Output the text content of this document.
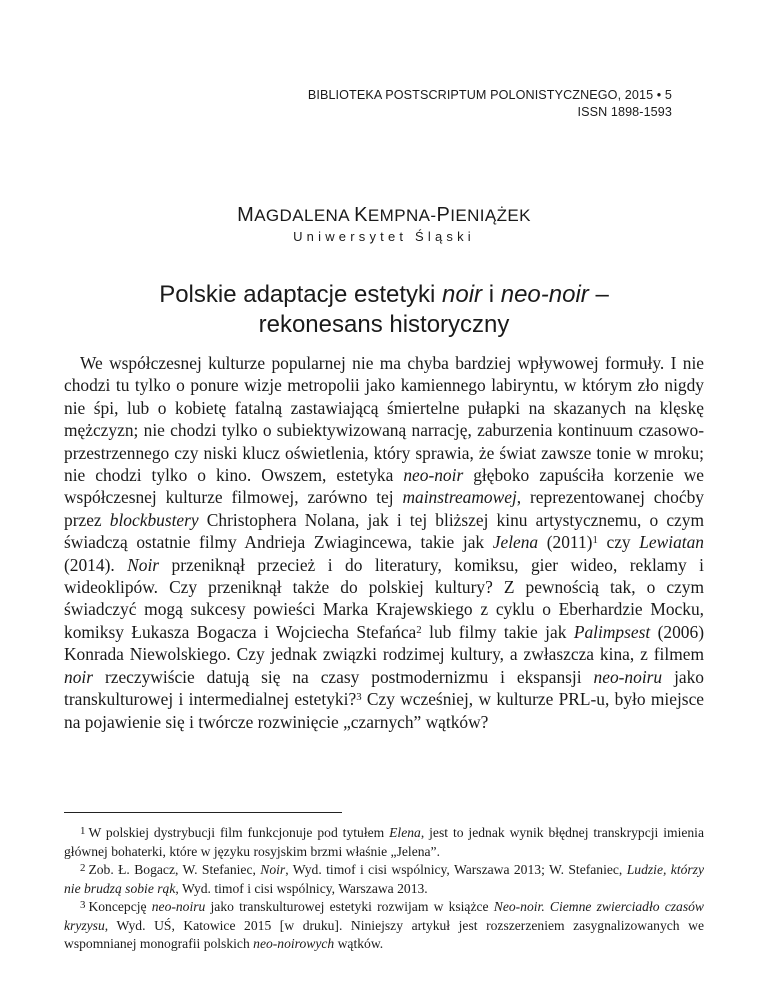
BIBLIOTEKA POSTSCRIPTUM POLONISTYCZNEGO, 2015 • 5
ISSN 1898-1593
MAGDALENA KEMPNA-PIENIĄŻEK
Uniwersytet Śląski
Polskie adaptacje estetyki noir i neo-noir –
rekonesans historyczny

We współczesnej kulturze popularnej nie ma chyba bardziej wpływowej formuły. I nie chodzi tu tylko o ponure wizje metropolii jako kamiennego labiryntu, w którym zło nigdy nie śpi, lub o kobietę fatalną zastawiającą śmiertelne pułapki na skazanych na klęskę mężczyzn; nie chodzi tylko o subiektywizowaną narrację, zaburzenia kontinuum czasowo-przestrzennego czy niski klucz oświetlenia, który sprawia, że świat zawsze tonie w mroku; nie chodzi tylko o kino. Owszem, estetyka neo-noir głęboko zapuściła korzenie we współczesnej kulturze filmowej, zarówno tej mainstreamowej, reprezentowanej choćby przez blockbustery Christophera Nolana, jak i tej bliższej kinu artystycznemu, o czym świadczą ostatnie filmy Andrieja Zwiagincewa, takie jak Jelena $(2011)^1$ czy Lewiatan (2014). Noir przeniknął przecież i do literatury, komiksu, gier wideo, reklamy i wideoklipów. Czy przeniknął także do polskiej kultury? Z pewnością tak, o czym świadczyć mogą sukcesy powieści Marka Krajewskiego z cyklu o Eberhardzie Mocku, komiksy Łukasza Bogacza i Wojciecha Stefańca$^2$ lub filmy takie jak Palimpsest (2006) Konrada Niewolskiego. Czy jednak związki rodzimej kultury, a zwłaszcza kina, z filmem noir rzeczywiście datują się na czasy postmodernizmu i ekspansji neo-noiru jako transkulturowej i intermedialnej estetyki?$^3$ Czy wcześniej, w kulturze PRL-u, było miejsce na pojawienie się i twórcze rozwinięcie „czarnych” wątków?

$^1$ W polskiej dystrybucji film funkcjonuje pod tytułem Elena, jest to jednak wynik błędnej transkrypcji imienia głównej bohaterki, które w języku rosyjskim brzmi właśnie „Jelena”.

$^2$ Zob. Ł. Bogacz, W. Stefaniec, Noir, Wyd. timof i cisi wspólnicy, Warszawa 2013; W. Stefaniec, Ludzie, którzy nie brudzą sobie rąk, Wyd. timof i cisi wspólnicy, Warszawa 2013.

$^3$ Koncepcję neo-noiru jako transkulturowej estetyki rozwijam w książce Neo-noir. Ciemne zwierciadło czasów kryzysu, Wyd. UŚ, Katowice 2015 [w druku]. Niniejszy artykuł jest rozszerzeniem zasygnalizowanych we wspomnianej monografii polskich neo-noirowych wątków.
